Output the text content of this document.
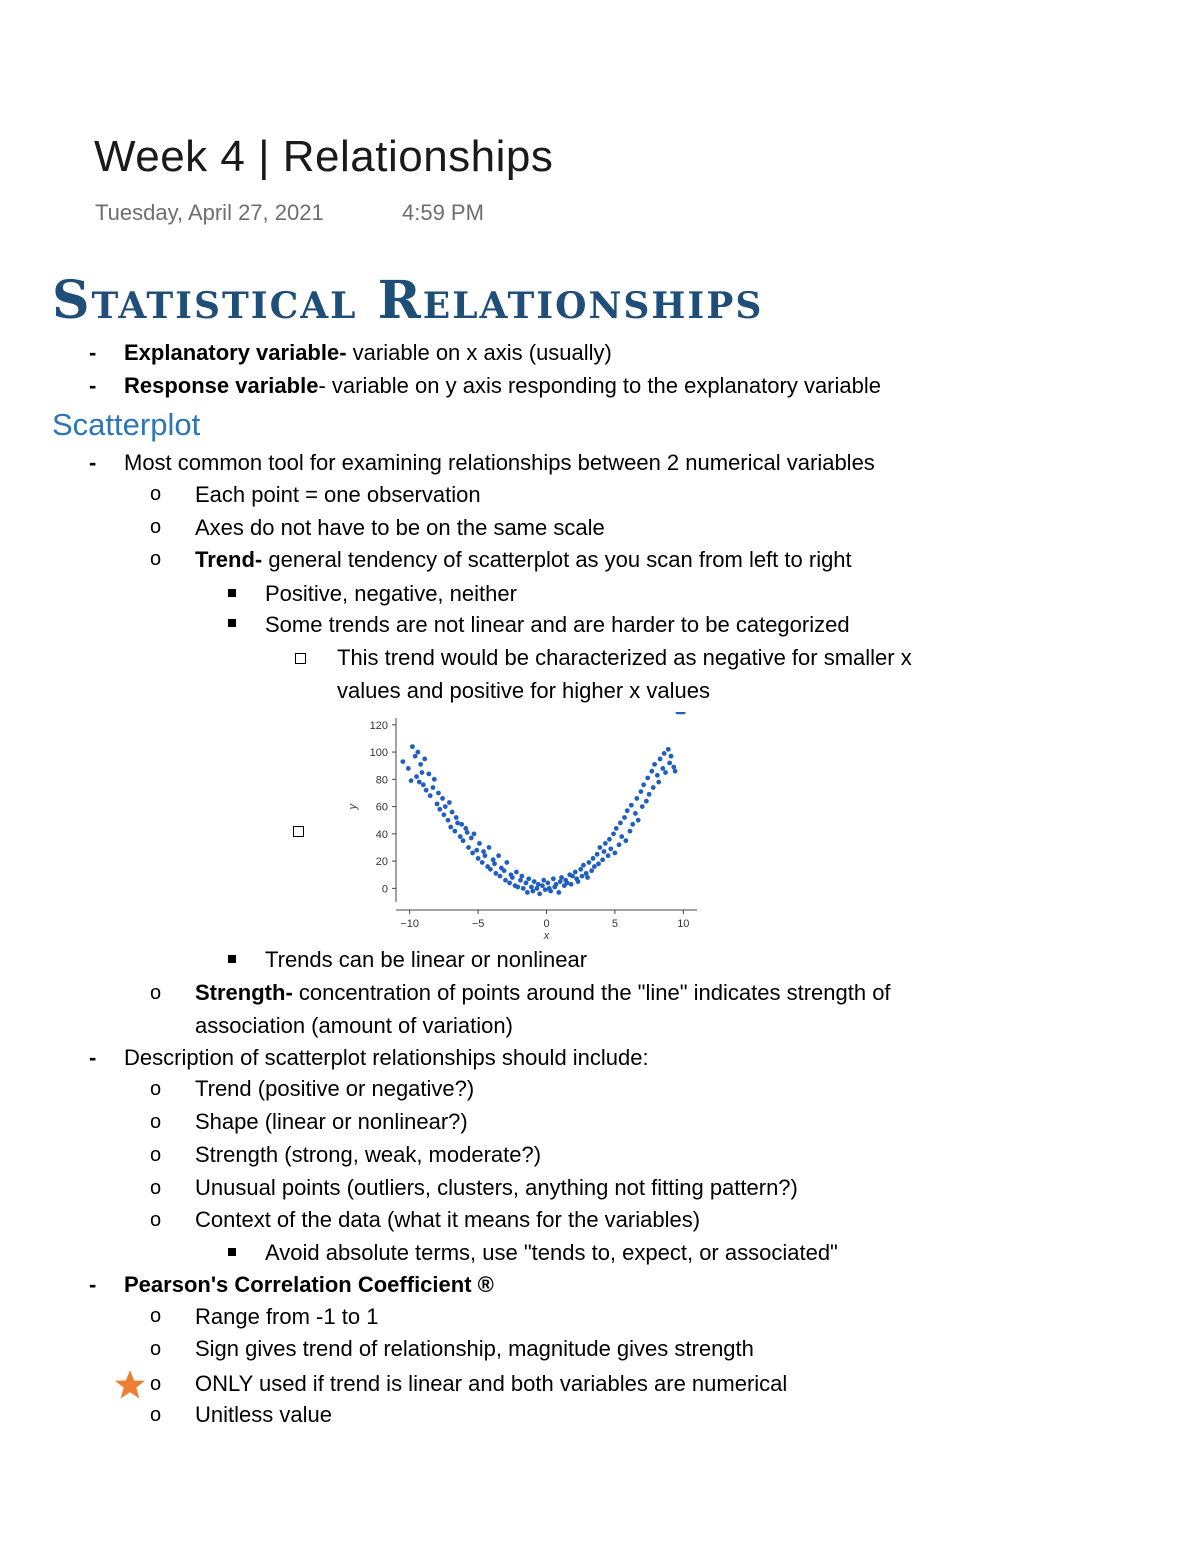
Week 4 | Relationships
Tuesday, April 27, 2021	4:59 PM
Statistical Relationships
- Explanatory variable- variable on x axis (usually)
- Response variable- variable on y axis responding to the explanatory variable
Scatterplot
- Most common tool for examining relationships between 2 numerical variables
o Each point = one observation
o Axes do not have to be on the same scale
o Trend- general tendency of scatterplot as you scan from left to right
Positive, negative, neither
Some trends are not linear and are harder to be categorized
This trend would be characterized as negative for smaller x
values and positive for higher x values
0
20
40
60
80
100
120
−10	−5	0	5	10
x
y
Trends can be linear or nonlinear
o Strength- concentration of points around the "line" indicates strength of
association (amount of variation)
- Description of scatterplot relationships should include:
o Trend (positive or negative?)
o Shape (linear or nonlinear?)
o Strength (strong, weak, moderate?)
o Unusual points (outliers, clusters, anything not fitting pattern?)
o Context of the data (what it means for the variables)
Avoid absolute terms, use "tends to, expect, or associated"
- Pearson's Correlation Coefficient ®
o Range from -1 to 1
o Sign gives trend of relationship, magnitude gives strength
o ONLY used if trend is linear and both variables are numerical
o Unitless value
